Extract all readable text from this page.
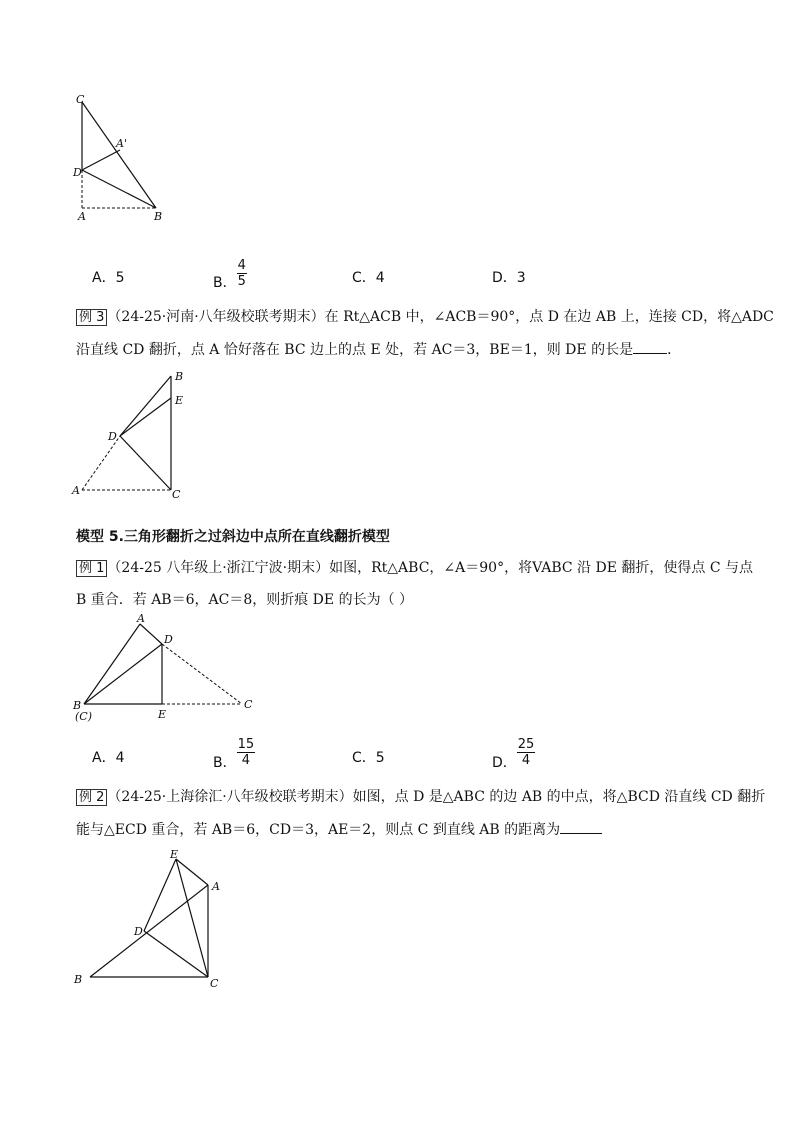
C
A'
D
A	B
A．5	B． $\frac{4}{5}$	C．4	D．3
例 3 （24-25·河南·八年级校联考期末）在 Rt△ACB 中，∠ACB＝90°，点 D 在边 AB 上，连接 CD，将△ADC
沿直线 CD 翻折，点 A 恰好落在 BC 边上的点 E 处，若 AC＝3，BE＝1，则 DE 的长是 ．
B
E
D
A	C
模型 5.三角形翻折之过斜边中点所在直线翻折模型
例 1 （24-25 八年级上·浙江宁波·期末）如图，Rt△ABC，∠A＝90°，将VABC 沿 DE 翻折，使得点 C 与点
B 重合．若 AB＝6，AC＝8，则折痕 DE 的长为（ ）
A
D
B
(C)	E
C
A．4	B． $\frac{15}{4}$	C．5	D． $\frac{25}{4}$
例 2 （24-25·上海徐汇·八年级校联考期末）如图，点 D 是△ABC 的边 AB 的中点，将△BCD 沿直线 CD 翻折
能与△ECD 重合，若 AB＝6，CD＝3，AE＝2，则点 C 到直线 AB 的距离为
E
A
D
B	C
